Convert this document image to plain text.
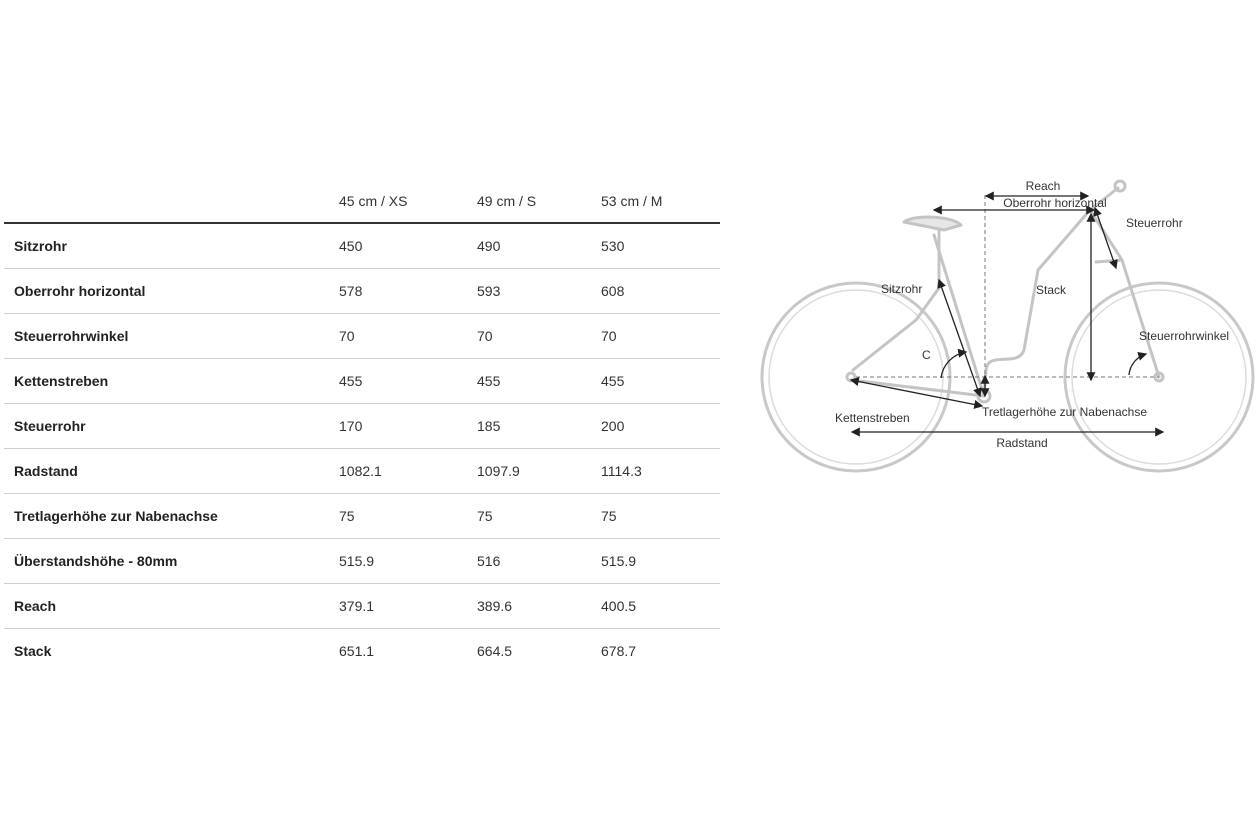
	45 cm / XS	49 cm / S	53 cm / M
Sitzrohr	450	490	530
Oberrohr horizontal	578	593	608
Steuerrohrwinkel	70	70	70
Kettenstreben	455	455	455
Steuerrohr	170	185	200
Radstand	1082.1	1097.9	1114.3
Tretlagerhöhe zur Nabenachse	75	75	75
Überstandshöhe - 80mm	515.9	516	515.9
Reach	379.1	389.6	400.5
Stack	651.1	664.5	678.7
Reach
Oberrohr horizontal
Steuerrohr
Sitzrohr	Stack
Steuerrohrwinkel
C
Kettenstreben	Tretlagerhöhe zur Nabenachse
Radstand
